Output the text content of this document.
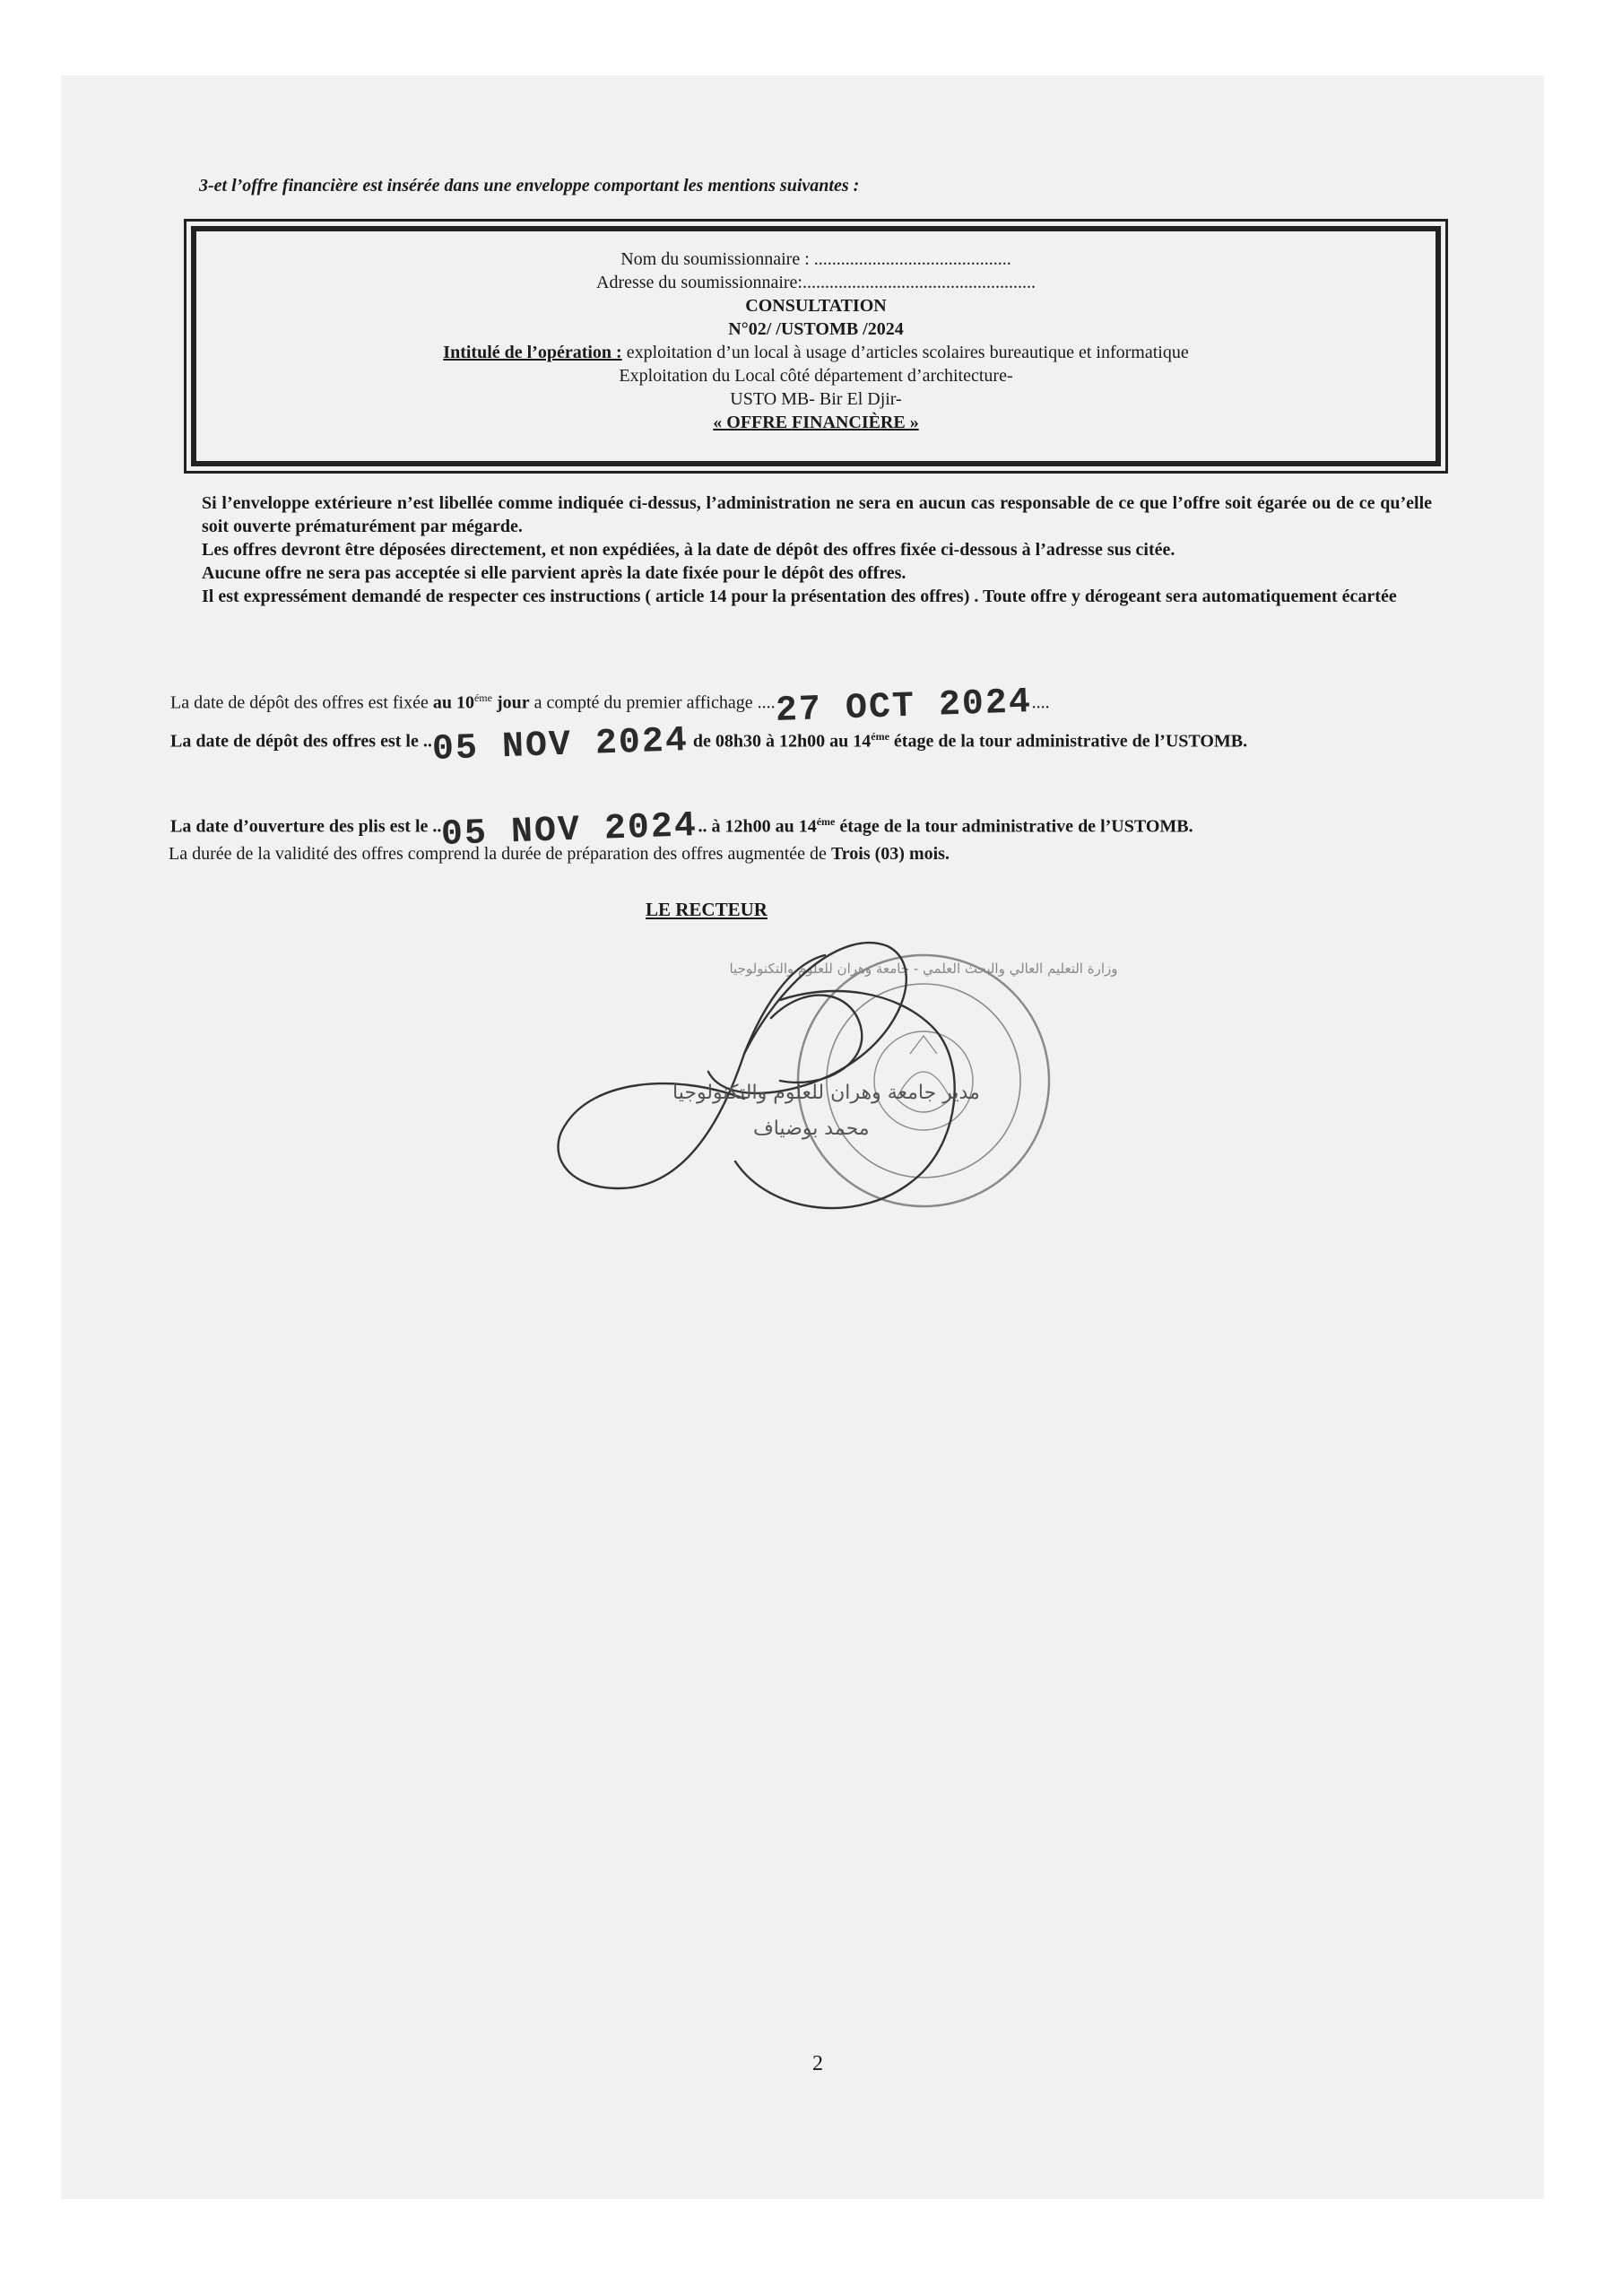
3-et l’offre financière est insérée dans une enveloppe comportant les mentions suivantes :

Nom du soumissionnaire : ............................................
Adresse du soumissionnaire:....................................................
CONSULTATION
N°02/ /USTOMB /2024
Intitulé de l’opération : exploitation d’un local à usage d’articles scolaires bureautique et informatique
Exploitation du Local côté département d’architecture-
USTO MB- Bir El Djir-
« OFFRE FINANCIÈRE »

Si l’enveloppe extérieure n’est libellée comme indiquée ci-dessus, l’administration ne sera en aucun cas responsable de ce que l’offre soit égarée ou de ce qu’elle soit ouverte prématurément par mégarde.

Les offres devront être déposées directement, et non expédiées, à la date de dépôt des offres fixée ci-dessous à l’adresse sus citée.

Aucune offre ne sera pas acceptée si elle parvient après la date fixée pour le dépôt des offres.

Il est expressément demandé de respecter ces instructions ( article 14 pour la présentation des offres) . Toute offre y dérogeant sera automatiquement écartée

La date de dépôt des offres est fixée au $10^{éme}$ jour a compté du premier affichage ....27 OCT 2024....
La date de dépôt des offres est le ..05 NOV 2024 de 08h30 à 12h00 au $14^{éme}$ étage de la tour administrative de l’USTOMB.
La date d’ouverture des plis est le ..05 NOV 2024.. à 12h00 au $14^{éme}$ étage de la tour administrative de l’USTOMB.
La durée de la validité des offres comprend la durée de préparation des offres augmentée de Trois (03) mois.

LE RECTEUR

وزارة التعليم العالي والبحث العلمي - جامعة وهران للعلوم والتكنولوجيا
مدير جامعة وهران للعلوم والتكنولوجيا
محمد بوضياف
2
